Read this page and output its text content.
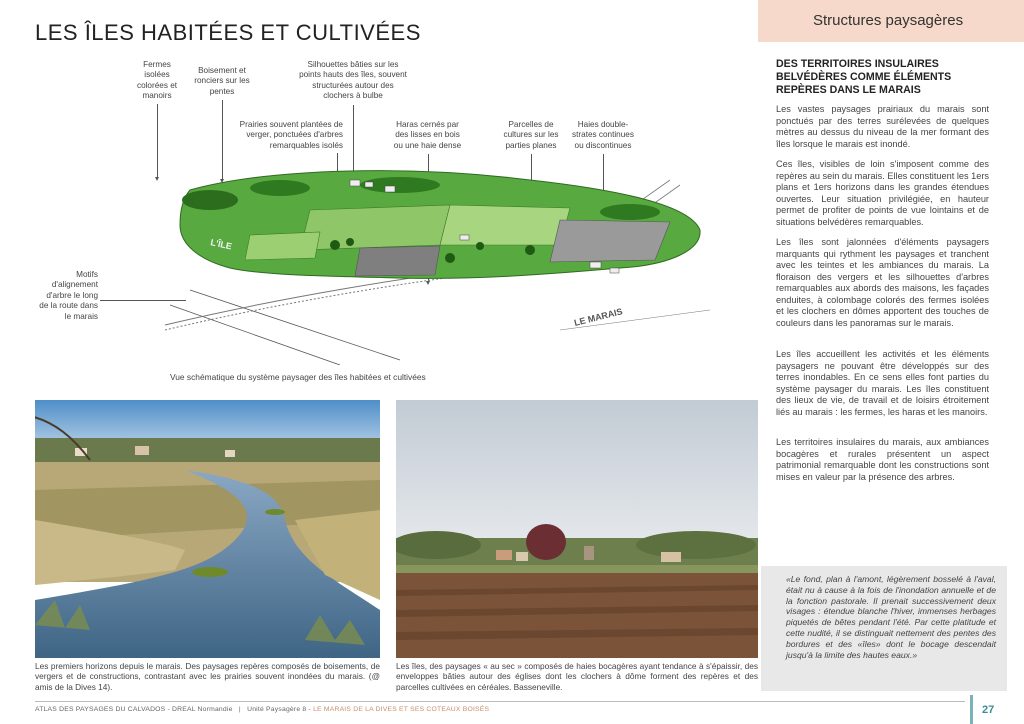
LES ÎLES HABITÉES ET CULTIVÉES	Structures paysagères
Fermes isolées colorées et manoirs
Boisement et ronciers sur les pentes
Silhouettes bâties sur les points hauts des îles, souvent structurées autour des clochers à bulbe
Prairies souvent plantées de verger, ponctuées d'arbres remarquables isolés
Haras cernés par des lisses en bois ou une haie dense
Parcelles de cultures sur les parties planes
Haies double-strates continues ou discontinues
Motifs d'alignement d'arbre le long de la route dans le marais
L'ÎLE
LE MARAIS
Vue schématique du système paysager des îles habitées et cultivées
Les premiers horizons depuis le marais. Des paysages repères composés de boisements, de vergers et de constructions, contrastant avec les prairies souvent inondées du marais. (@ amis de la Dives 14).
Les îles, des paysages « au sec » composés de haies bocagères ayant tendance à s'épaissir, des enveloppes bâties autour des églises dont les clochers à dôme forment des repères et des parcelles cultivées en céréales. Basseneville.
DES TERRITOIRES INSULAIRES BELVÉDÈRES COMME ÉLÉMENTS REPÈRES DANS LE MARAIS

Les vastes paysages prairiaux du marais sont ponctués par des terres surélevées de quelques mètres au dessus du niveau de la mer formant des îles lorsque le marais est inondé.

Ces îles, visibles de loin s'imposent comme des repères au sein du marais. Elles constituent les 1ers plans et 1ers horizons dans les grandes étendues ouvertes. Leur situation privilégiée, en hauteur permet de profiter de points de vue lointains et de situations belvédères remarquables.

Les îles sont jalonnées d'éléments paysagers marquants qui rythment les paysages et tranchent avec les teintes et les ambiances du marais. La floraison des vergers et les silhouettes d'arbres remarquables aux abords des maisons, les façades enduites, à colombage colorés des fermes isolées et les clochers en dômes apportent des touches de couleurs dans les panoramas sur le marais.

Les îles accueillent les activités et les éléments paysagers ne pouvant être développés sur des terres inondables. En ce sens elles font parties du système paysager du marais. Les îles constituent des lieux de vie, de travail et de loisirs étroitement liés au marais : les fermes, les haras et les manoirs.

Les territoires insulaires du marais, aux ambiances bocagères et rurales présentent un aspect patrimonial remarquable dont les constructions sont mises en valeur par la présence des arbres.

«Le fond, plan à l'amont, légèrement bosselé à l'aval, était nu à cause à la fois de l'inondation annuelle et de la fonction pastorale. Il prenait successivement deux visages : étendue blanche l'hiver, immenses herbages piquetés de bêtes pendant l'été. Par cette platitude et cette nudité, il se distinguait nettement des pentes des bordures et des «îles» dont le bocage descendait jusqu'à la limite des hautes eaux.»
ATLAS DES PAYSAGES DU CALVADOS - DREAL Normandie | Unité Paysagère 8 - LE MARAIS DE LA DIVES ET SES COTEAUX BOISÉS	27
